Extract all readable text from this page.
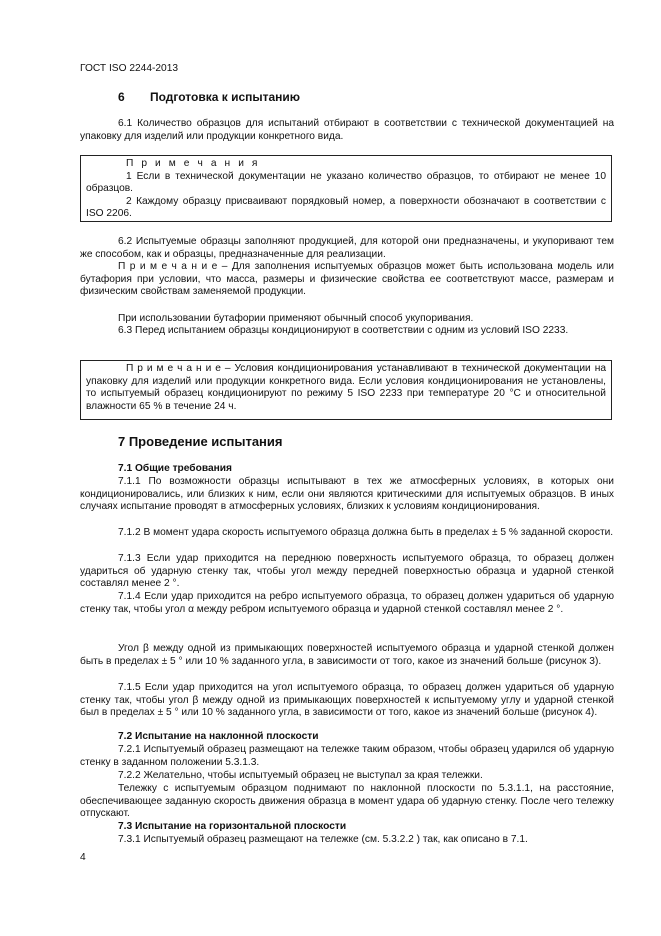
ГОСТ ISO 2244-2013
6 Подготовка к испытанию
6.1 Количество образцов для испытаний отбирают в соответствии с технической документацией на упаковку для изделий или продукции конкретного вида.
П р и м е ч а н и я
1 Если в технической документации не указано количество образцов, то отбирают не менее 10 образцов.
2 Каждому образцу присваивают порядковый номер, а поверхности обозначают в соответствии с ISO 2206.
6.2 Испытуемые образцы заполняют продукцией, для которой они предназначены, и укупоривают тем же способом, как и образцы, предназначенные для реализации.
П р и м е ч а н и е – Для заполнения испытуемых образцов может быть использована модель или бутафория при условии, что масса, размеры и физические свойства ее соответствуют массе, размерам и физическим свойствам заменяемой продукции.
При использовании бутафории применяют обычный способ укупоривания.
6.3 Перед испытанием образцы кондиционируют в соответствии с одним из условий ISO 2233.
П р и м е ч а н и е – Условия кондиционирования устанавливают в технической документации на упаковку для изделий или продукции конкретного вида. Если условия кондиционирования не установлены, то испытуемый образец кондиционируют по режиму 5 ISO 2233 при температуре 20 °С и относительной влажности 65 % в течение 24 ч.
7 Проведение испытания
7.1 Общие требования
7.1.1 По возможности образцы испытывают в тех же атмосферных условиях, в которых они кондиционировались, или близких к ним, если они являются критическими для испытуемых образцов. В иных случаях испытание проводят в атмосферных условиях, близких к условиям кондиционирования.
7.1.2 В момент удара скорость испытуемого образца должна быть в пределах ± 5 % заданной скорости.
7.1.3 Если удар приходится на переднюю поверхность испытуемого образца, то образец должен удариться об ударную стенку так, чтобы угол между передней поверхностью образца и ударной стенкой составлял менее 2 °.
7.1.4 Если удар приходится на ребро испытуемого образца, то образец должен удариться об ударную стенку так, чтобы угол α между ребром испытуемого образца и ударной стенкой составлял менее 2 °.
Угол β между одной из примыкающих поверхностей испытуемого образца и ударной стенкой должен быть в пределах ± 5 ° или 10 % заданного угла, в зависимости от того, какое из значений больше (рисунок 3).
7.1.5 Если удар приходится на угол испытуемого образца, то образец должен удариться об ударную стенку так, чтобы угол β между одной из примыкающих поверхностей к испытуемому углу и ударной стенкой был в пределах ± 5 ° или 10 % заданного угла, в зависимости от того, какое из значений больше (рисунок 4).
7.2 Испытание на наклонной плоскости
7.2.1 Испытуемый образец размещают на тележке таким образом, чтобы образец ударился об ударную стенку в заданном положении 5.3.1.3.
7.2.2 Желательно, чтобы испытуемый образец не выступал за края тележки.
Тележку с испытуемым образцом поднимают по наклонной плоскости по 5.3.1.1, на расстояние, обеспечивающее заданную скорость движения образца в момент удара об ударную стенку. После чего тележку отпускают.
7.3 Испытание на горизонтальной плоскости
7.3.1 Испытуемый образец размещают на тележке (см. 5.3.2.2 ) так, как описано в 7.1.
4
